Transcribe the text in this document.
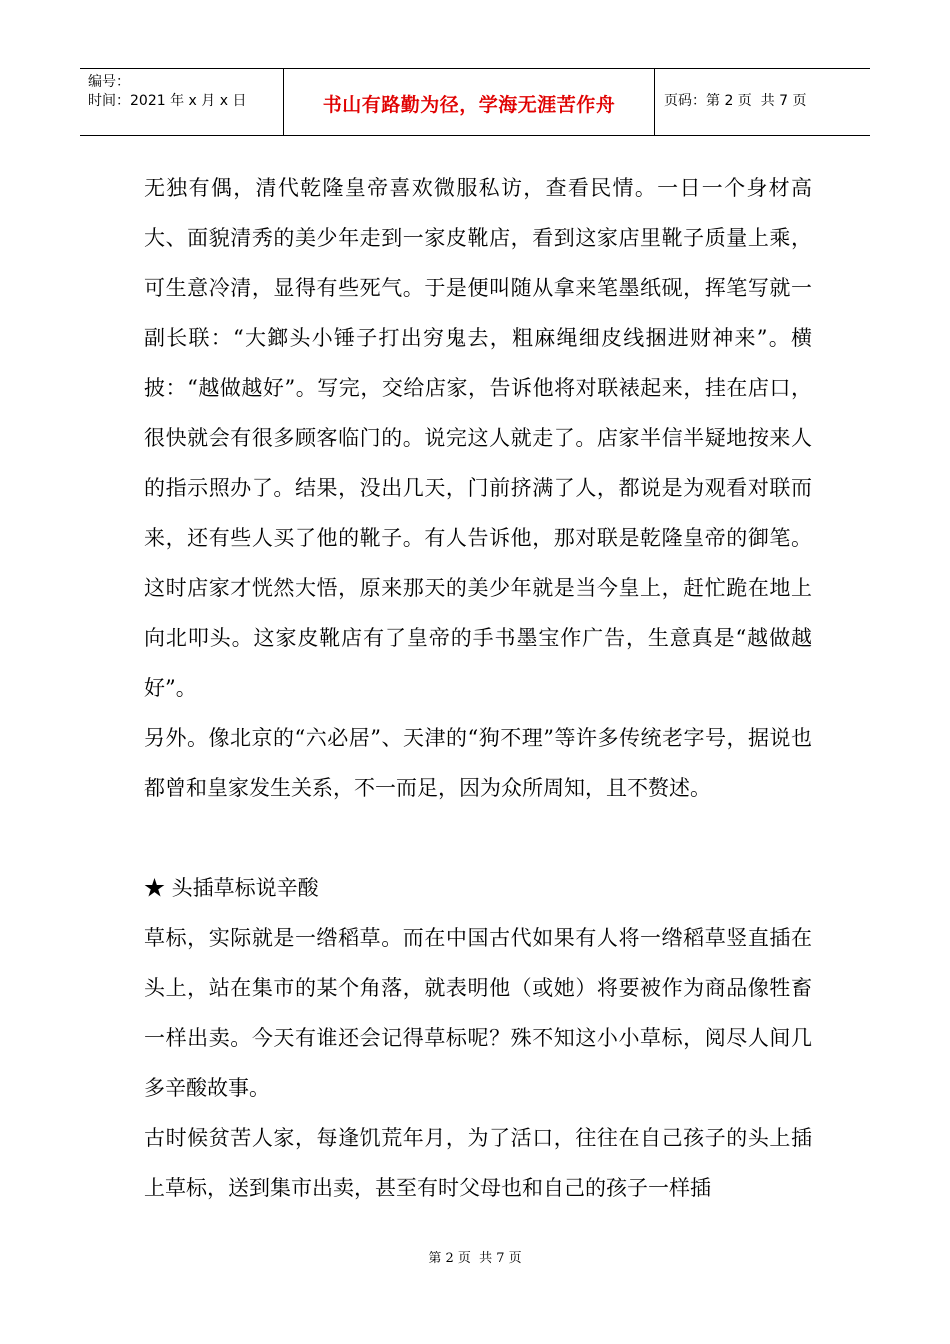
编号：
时间：2021 年 x 月 x 日	书山有路勤为径，学海无涯苦作舟	页码：第 2 页  共 7 页

无独有偶，清代乾隆皇帝喜欢微服私访，查看民情。一日一个身材高大、面貌清秀的美少年走到一家皮靴店，看到这家店里靴子质量上乘，可生意冷清，显得有些死气。于是便叫随从拿来笔墨纸砚，挥笔写就一副长联：“大鎯头小锤子打出穷鬼去，粗麻绳细皮线捆进财神来”。横披：“越做越好”。写完，交给店家，告诉他将对联裱起来，挂在店口，很快就会有很多顾客临门的。说完这人就走了。店家半信半疑地按来人的指示照办了。结果，没出几天，门前挤满了人，都说是为观看对联而来，还有些人买了他的靴子。有人告诉他，那对联是乾隆皇帝的御笔。这时店家才恍然大悟，原来那天的美少年就是当今皇上，赶忙跪在地上向北叩头。这家皮靴店有了皇帝的手书墨宝作广告，生意真是“越做越好”。

另外。像北京的“六必居”、天津的“狗不理”等许多传统老字号，据说也都曾和皇家发生关系，不一而足，因为众所周知，且不赘述。

★ 头插草标说辛酸

草标，实际就是一绺稻草。而在中国古代如果有人将一绺稻草竖直插在头上，站在集市的某个角落，就表明他（或她）将要被作为商品像牲畜一样出卖。今天有谁还会记得草标呢？殊不知这小小草标，阅尽人间几多辛酸故事。

古时候贫苦人家，每逢饥荒年月，为了活口，往往在自己孩子的头上插上草标，送到集市出卖，甚至有时父母也和自己的孩子一样插

第 2 页  共 7 页
